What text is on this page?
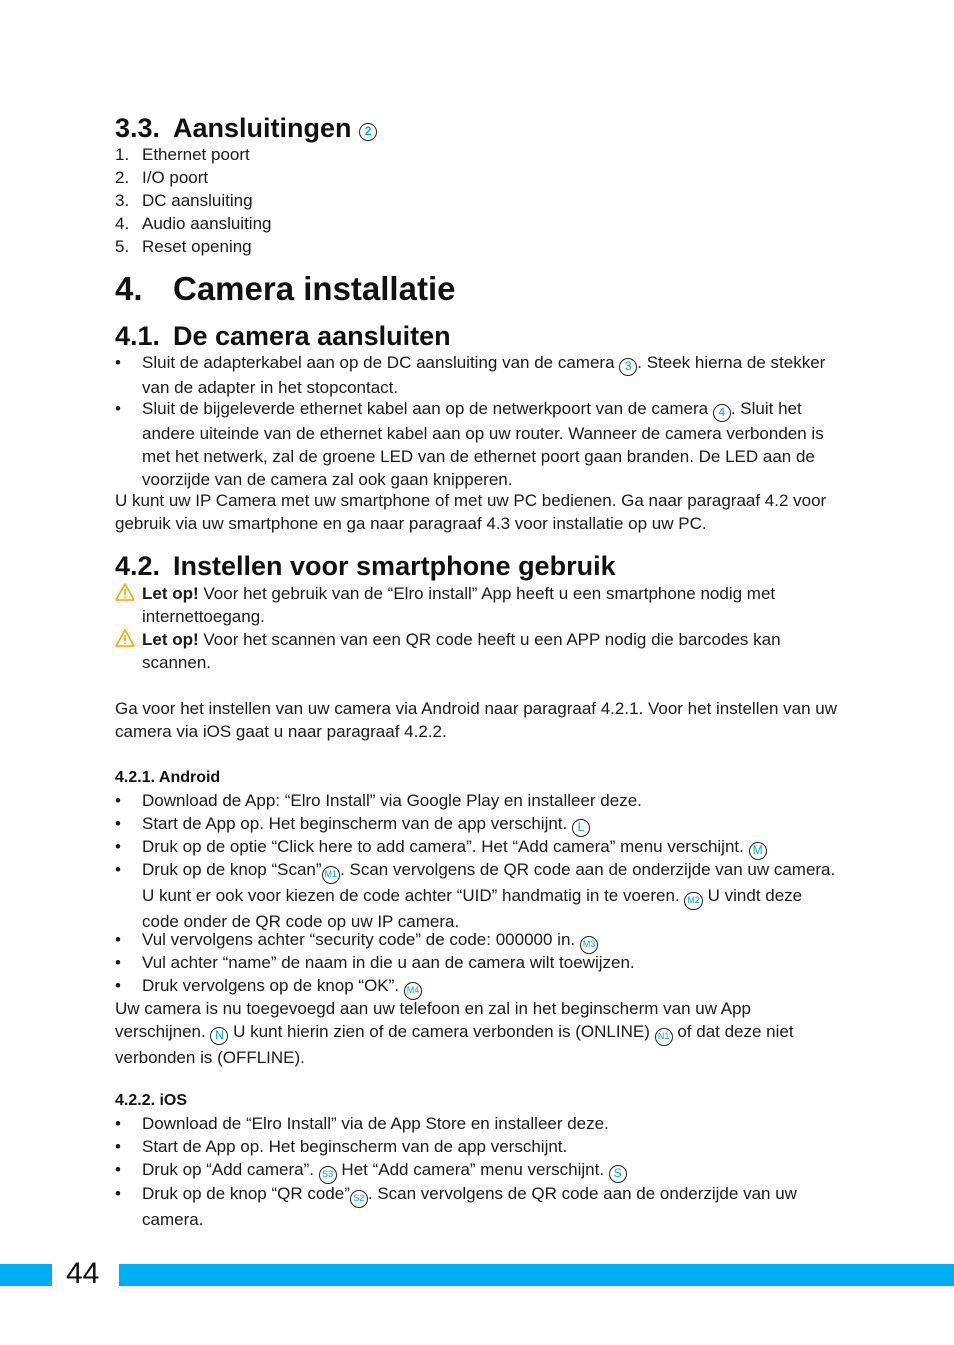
3.3. Aansluitingen 2
1. Ethernet poort
2. I/O poort
3. DC aansluiting
4. Audio aansluiting
5. Reset opening
4. Camera installatie
4.1. De camera aansluiten
•	Sluit de adapterkabel aan op de DC aansluiting van de camera 3 . Steek hierna de stekker van de adapter in het stopcontact.
•	Sluit de bijgeleverde ethernet kabel aan op de netwerkpoort van de camera 4 . Sluit het andere uiteinde van de ethernet kabel aan op uw router. Wanneer de camera verbonden is met het netwerk, zal de groene LED van de ethernet poort gaan branden. De LED aan de voorzijde van de camera zal ook gaan knipperen.
U kunt uw IP Camera met uw smartphone of met uw PC bedienen. Ga naar paragraaf 4.2 voor gebruik via uw smartphone en ga naar paragraaf 4.3 voor installatie op uw PC.
4.2. Instellen voor smartphone gebruik
Let op! Voor het gebruik van de “Elro install” App heeft u een smartphone nodig met internettoegang.
Let op! Voor het scannen van een QR code heeft u een APP nodig die barcodes kan scannen.
Ga voor het instellen van uw camera via Android naar paragraaf 4.2.1. Voor het instellen van uw camera via iOS gaat u naar paragraaf 4.2.2.
4.2.1. Android
•	Download de App: “Elro Install” via Google Play en installeer deze.
•	Start de App op. Het beginscherm van de app verschijnt. L
•	Druk op de optie “Click here to add camera”. Het “Add camera” menu verschijnt. M
•	Druk op de knop “Scan” M1 . Scan vervolgens de QR code aan de onderzijde van uw camera. U kunt er ook voor kiezen de code achter “UID” handmatig in te voeren. M2 U vindt deze code onder de QR code op uw IP camera.
•	Vul vervolgens achter “security code” de code: 000000 in. M3
•	Vul achter “name” de naam in die u aan de camera wilt toewijzen.
•	Druk vervolgens op de knop “OK”. M4
Uw camera is nu toegevoegd aan uw telefoon en zal in het beginscherm van uw App verschijnen. N U kunt hierin zien of de camera verbonden is (ONLINE) N1 of dat deze niet verbonden is (OFFLINE).
4.2.2. iOS
•	Download de “Elro Install” via de App Store en installeer deze.
•	Start de App op. Het beginscherm van de app verschijnt.
•	Druk op “Add camera”. S3 Het “Add camera” menu verschijnt. S
•	Druk op de knop “QR code” S2 . Scan vervolgens de QR code aan de onderzijde van uw camera.
44
